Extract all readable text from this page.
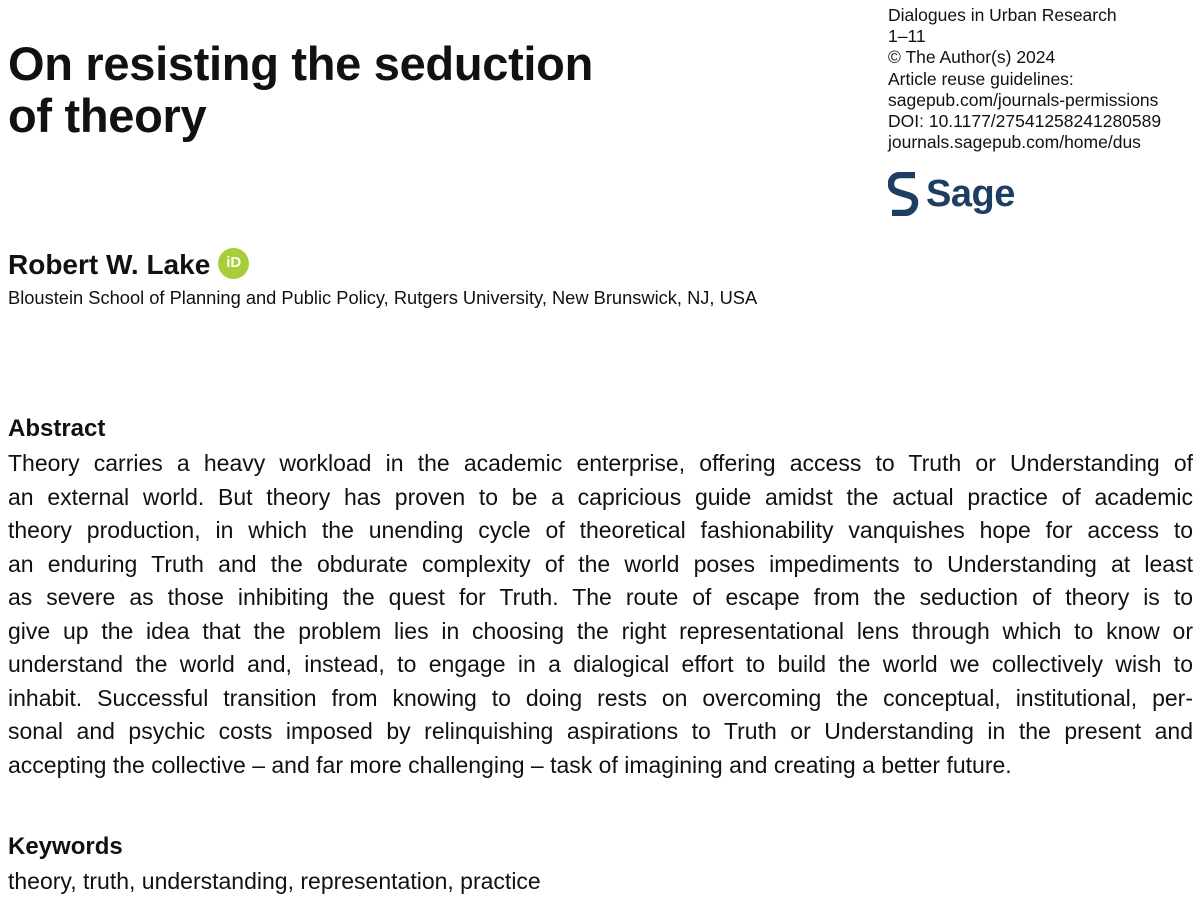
On resisting the seduction
of theory
Dialogues in Urban Research
1–11
© The Author(s) 2024
Article reuse guidelines:
sagepub.com/journals-permissions
DOI: 10.1177/27541258241280589
journals.sagepub.com/home/dus
Sage
Robert W. Lake	iD
Bloustein School of Planning and Public Policy, Rutgers University, New Brunswick, NJ, USA
Abstract
Theory carries a heavy workload in the academic enterprise, offering access to Truth or Understanding of
an external world. But theory has proven to be a capricious guide amidst the actual practice of academic
theory production, in which the unending cycle of theoretical fashionability vanquishes hope for access to
an enduring Truth and the obdurate complexity of the world poses impediments to Understanding at least
as severe as those inhibiting the quest for Truth. The route of escape from the seduction of theory is to
give up the idea that the problem lies in choosing the right representational lens through which to know or
understand the world and, instead, to engage in a dialogical effort to build the world we collectively wish to
inhabit. Successful transition from knowing to doing rests on overcoming the conceptual, institutional, per-
sonal and psychic costs imposed by relinquishing aspirations to Truth or Understanding in the present and
accepting the collective – and far more challenging – task of imagining and creating a better future.
Keywords
theory, truth, understanding, representation, practice
